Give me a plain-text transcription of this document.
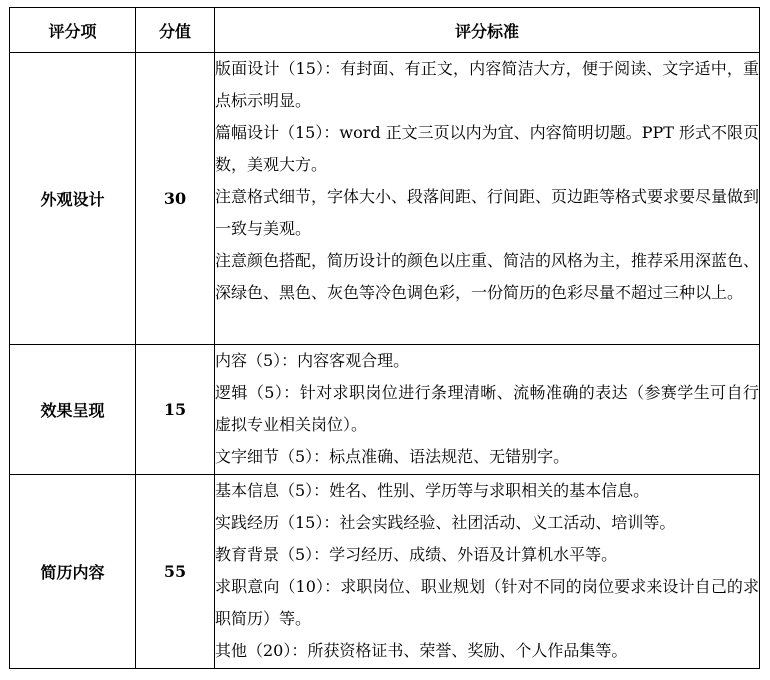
评分项	分值	评分标准
外观设计	30	版面设计（15）：有封面、有正文，内容简洁大方，便于阅读、文字适中，重点标示明显。

篇幅设计（15）：word 正文三页以内为宜、内容简明切题。PPT 形式不限页数，美观大方。

注意格式细节，字体大小、段落间距、行间距、页边距等格式要求要尽量做到一致与美观。

注意颜色搭配，简历设计的颜色以庄重、简洁的风格为主，推荐采用深蓝色、深绿色、黑色、灰色等冷色调色彩，一份简历的色彩尽量不超过三种以上。

效果呈现	15	内容（5）：内容客观合理。

逻辑（5）：针对求职岗位进行条理清晰、流畅准确的表达（参赛学生可自行虚拟专业相关岗位）。

文字细节（5）：标点准确、语法规范、无错别字。

简历内容	55	基本信息（5）：姓名、性别、学历等与求职相关的基本信息。

实践经历（15）：社会实践经验、社团活动、义工活动、培训等。

教育背景（5）：学习经历、成绩、外语及计算机水平等。

求职意向（10）：求职岗位、职业规划（针对不同的岗位要求来设计自己的求职简历）等。

其他（20）：所获资格证书、荣誉、奖励、个人作品集等。
